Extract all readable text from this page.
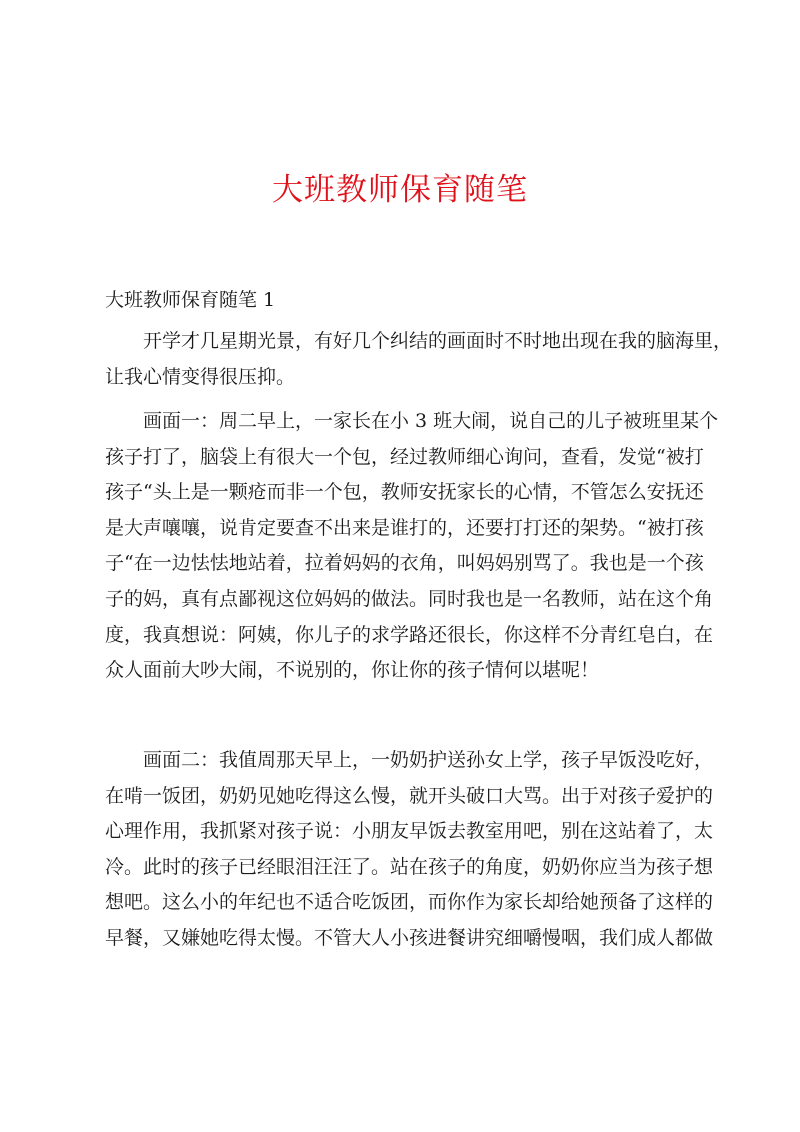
大班教师保育随笔

大班教师保育随笔 1

开学才几星期光景，有好几个纠结的画面时不时地出现在我的脑海里，
让我心情变得很压抑。
画面一：周二早上，一家长在小 3 班大闹，说自己的儿子被班里某个
孩子打了，脑袋上有很大一个包，经过教师细心询问，查看，发觉“被打
孩子“头上是一颗疮而非一个包，教师安抚家长的心情，不管怎么安抚还
是大声嚷嚷，说肯定要查不出来是谁打的，还要打打还的架势。“被打孩
子“在一边怯怯地站着，拉着妈妈的衣角，叫妈妈别骂了。我也是一个孩
子的妈，真有点鄙视这位妈妈的做法。同时我也是一名教师，站在这个角
度，我真想说：阿姨，你儿子的求学路还很长，你这样不分青红皂白，在
众人面前大吵大闹，不说别的，你让你的孩子情何以堪呢！
画面二：我值周那天早上，一奶奶护送孙女上学，孩子早饭没吃好，
在啃一饭团，奶奶见她吃得这么慢，就开头破口大骂。出于对孩子爱护的
心理作用，我抓紧对孩子说：小朋友早饭去教室用吧，别在这站着了，太
冷。此时的孩子已经眼泪汪汪了。站在孩子的角度，奶奶你应当为孩子想
想吧。这么小的年纪也不适合吃饭团，而你作为家长却给她预备了这样的
早餐，又嫌她吃得太慢。不管大人小孩进餐讲究细嚼慢咽，我们成人都做
